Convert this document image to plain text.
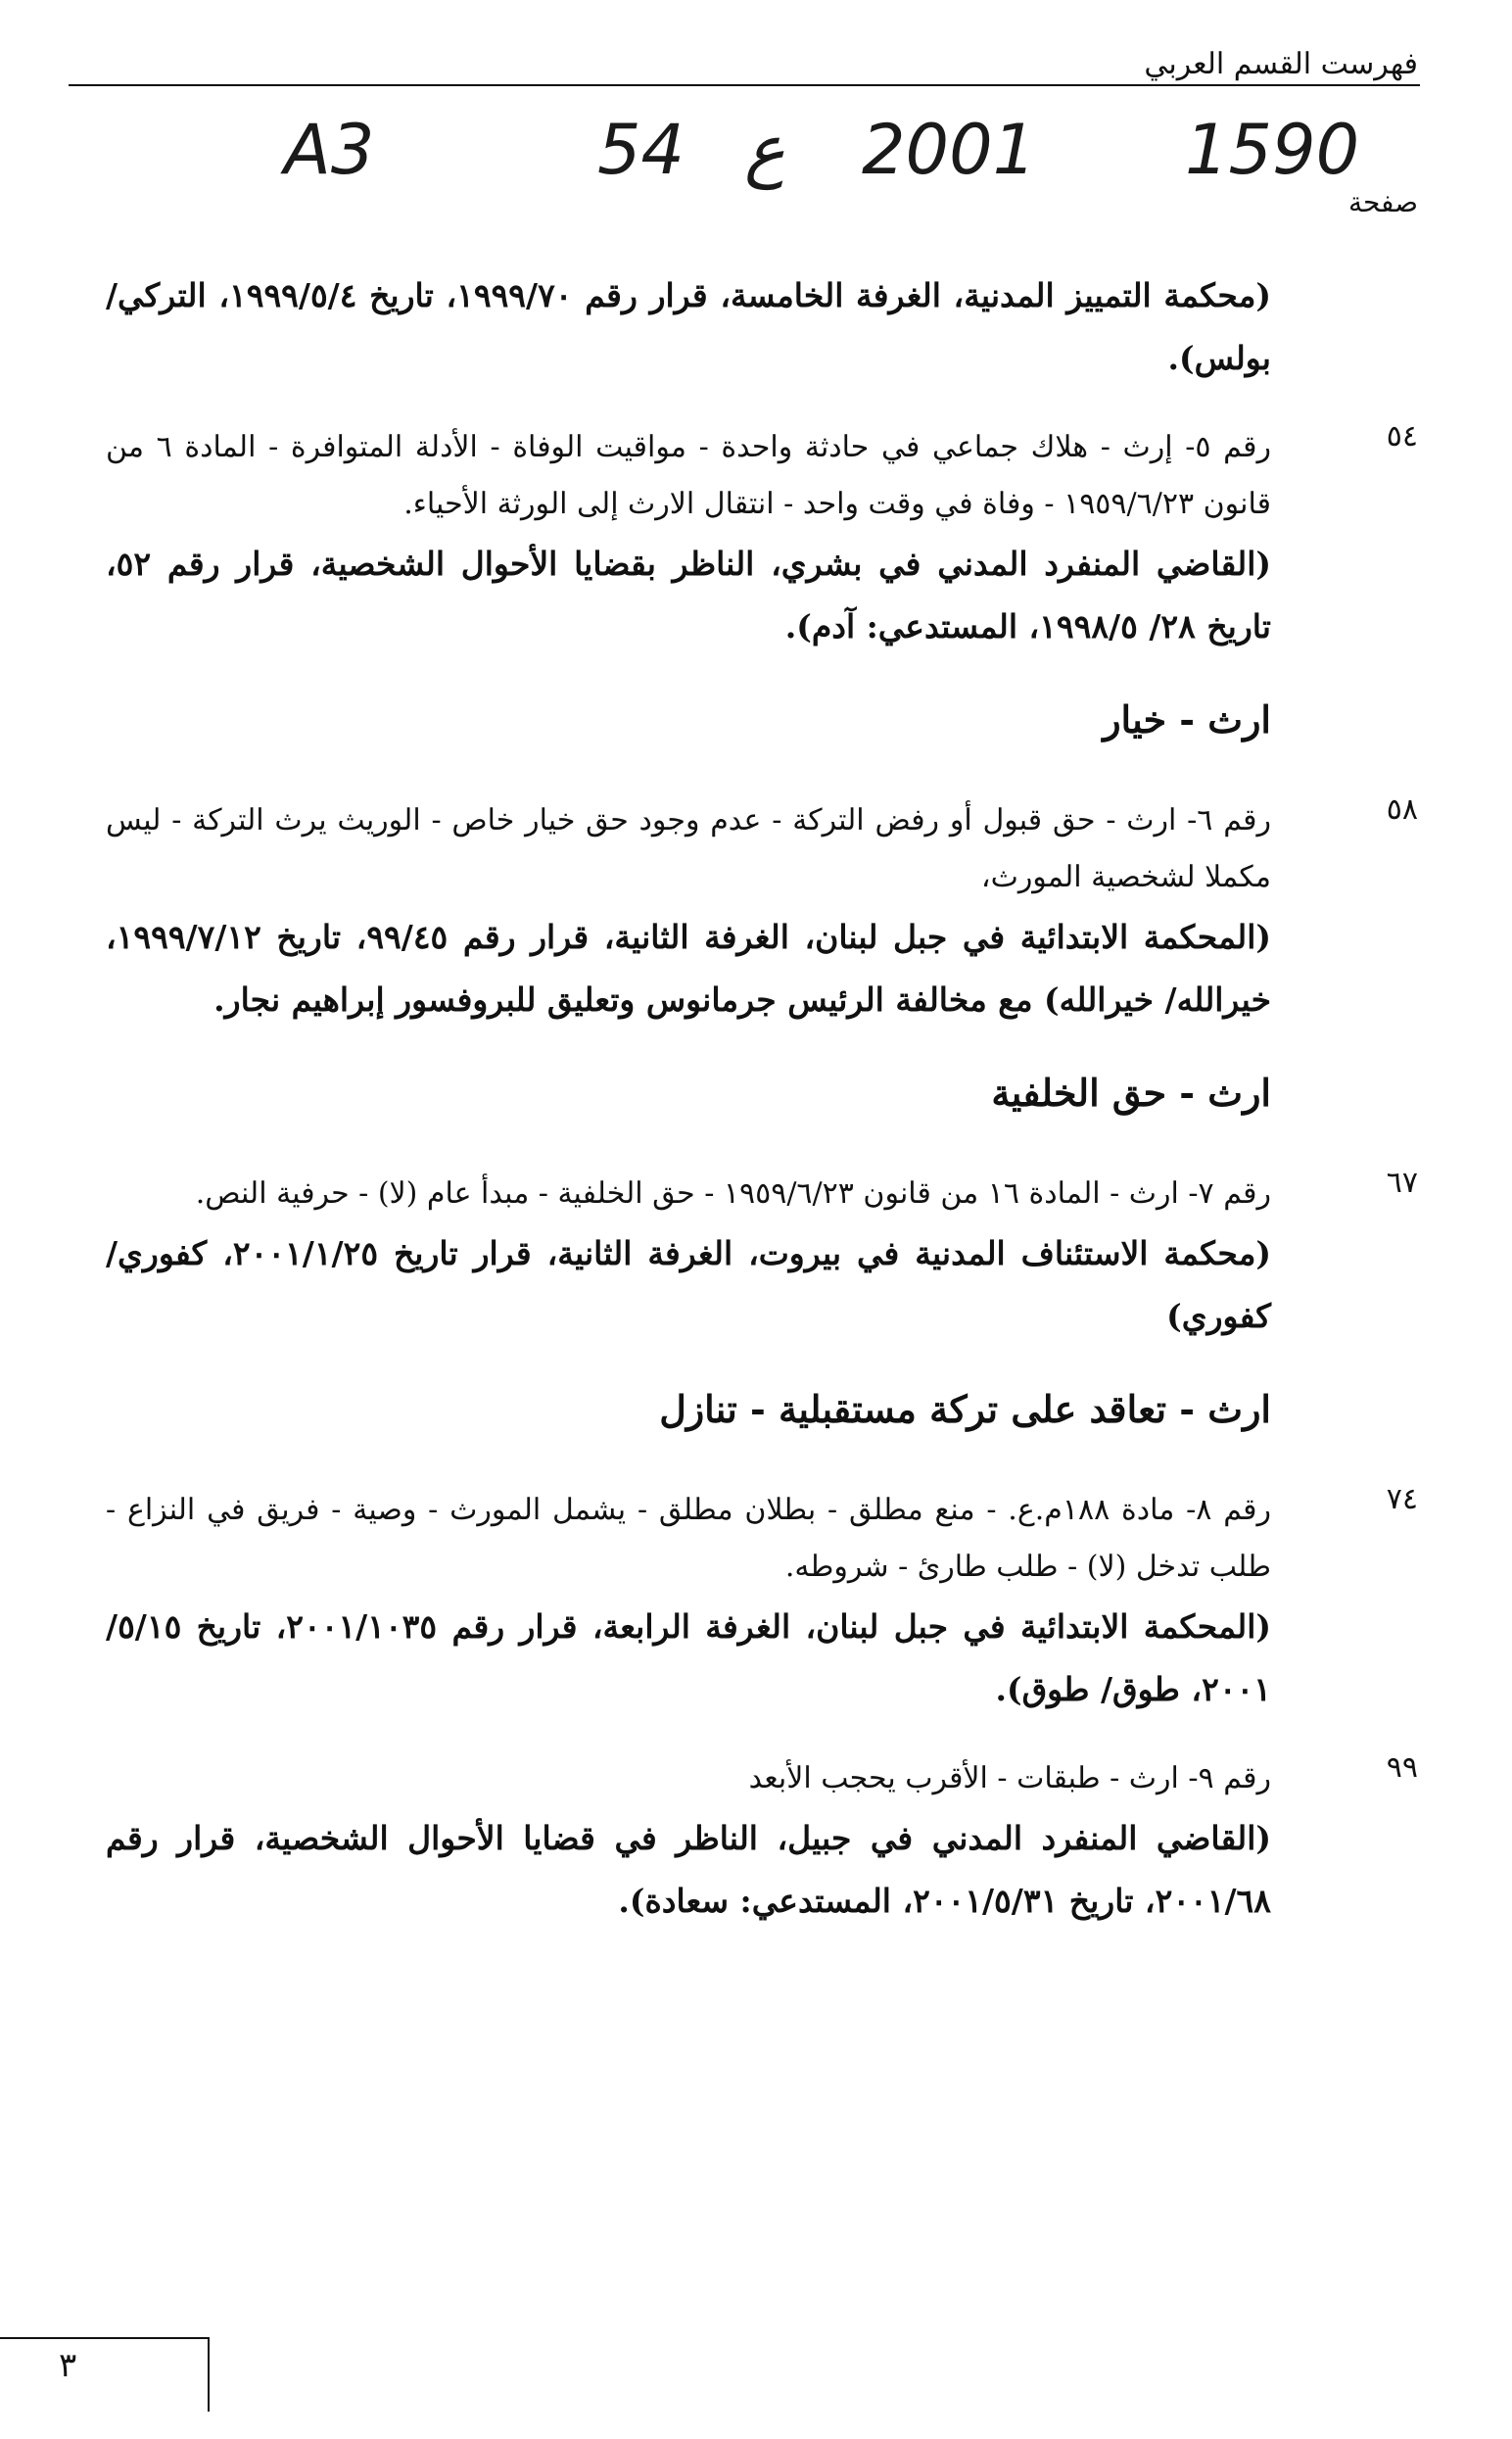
فهرست القسم العربي
A3	54 ع 2001 1590
صفحة
(محكمة التمييز المدنية، الغرفة الخامسة، قرار رقم ١٩٩٩/٧٠، تاريخ ١٩٩٩/٥/٤، التركي/ بولس).
٥٤
رقم ٥- إرث - هلاك جماعي في حادثة واحدة - مواقيت الوفاة - الأدلة المتوافرة - المادة ٦ من قانون ١٩٥٩/٦/٢٣ - وفاة في وقت واحد - انتقال الارث إلى الورثة الأحياء.
(القاضي المنفرد المدني في بشري، الناظر بقضايا الأحوال الشخصية، قرار رقم ٥٢، تاريخ ٢٨/ ١٩٩٨/٥، المستدعي: آدم).
ارث - خيار
٥٨
رقم ٦- ارث - حق قبول أو رفض التركة - عدم وجود حق خيار خاص - الوريث يرث التركة - ليس مكملا لشخصية المورث،
(المحكمة الابتدائية في جبل لبنان، الغرفة الثانية، قرار رقم ٩٩/٤٥، تاريخ ١٩٩٩/٧/١٢، خيرالله/ خيرالله) مع مخالفة الرئيس جرمانوس وتعليق للبروفسور إبراهيم نجار.
ارث - حق الخلفية
٦٧
رقم ٧- ارث - المادة ١٦ من قانون ١٩٥٩/٦/٢٣ - حق الخلفية - مبدأ عام (لا) - حرفية النص.
(محكمة الاستئناف المدنية في بيروت، الغرفة الثانية، قرار تاريخ ٢٠٠١/١/٢٥، كفوري/ كفوري)
ارث - تعاقد على تركة مستقبلية - تنازل
٧٤
رقم ٨- مادة ١٨٨م.ع. - منع مطلق - بطلان مطلق - يشمل المورث - وصية - فريق في النزاع - طلب تدخل (لا) - طلب طارئ - شروطه.
(المحكمة الابتدائية في جبل لبنان، الغرفة الرابعة، قرار رقم ٢٠٠١/١٠٣٥، تاريخ ٥/١٥/ ٢٠٠١، طوق/ طوق).
٩٩
رقم ٩- ارث - طبقات - الأقرب يحجب الأبعد
(القاضي المنفرد المدني في جبيل، الناظر في قضايا الأحوال الشخصية، قرار رقم ٢٠٠١/٦٨، تاريخ ٢٠٠١/٥/٣١، المستدعي: سعادة).
٣
